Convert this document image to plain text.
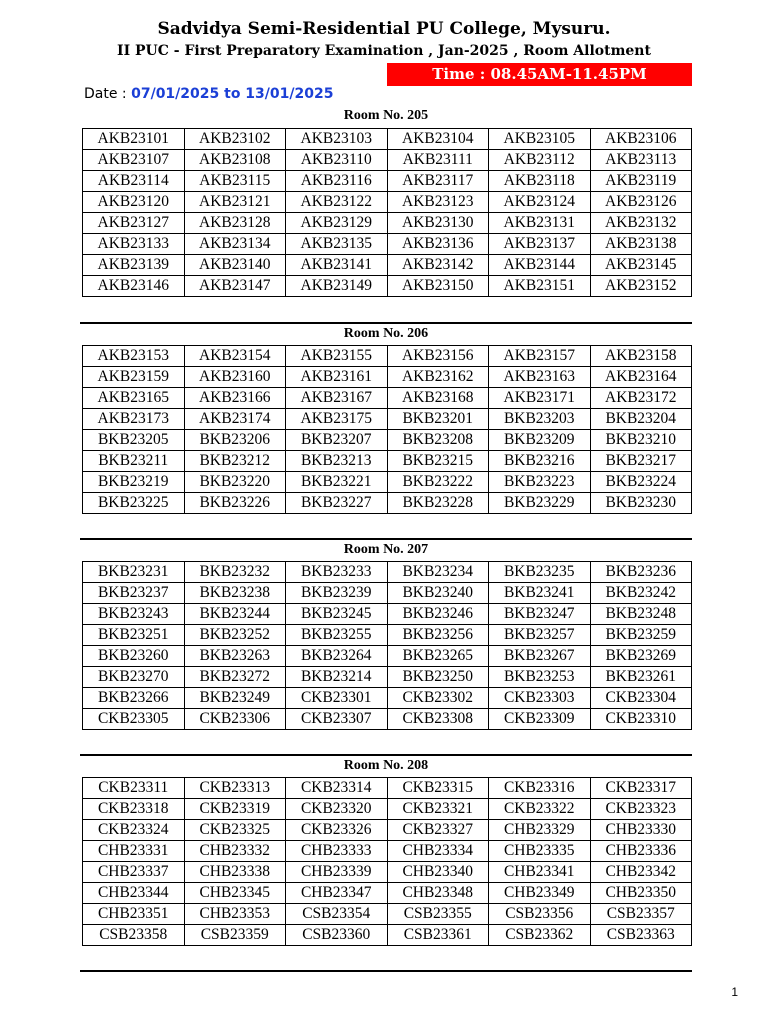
Sadvidya Semi-Residential PU College, Mysuru.
II PUC - First Preparatory Examination , Jan-2025 , Room Allotment
Time : 08.45AM-11.45PM
Date : 07/01/2025 to 13/01/2025
Room No. 205
AKB23101	AKB23102	AKB23103	AKB23104	AKB23105	AKB23106
AKB23107	AKB23108	AKB23110	AKB23111	AKB23112	AKB23113
AKB23114	AKB23115	AKB23116	AKB23117	AKB23118	AKB23119
AKB23120	AKB23121	AKB23122	AKB23123	AKB23124	AKB23126
AKB23127	AKB23128	AKB23129	AKB23130	AKB23131	AKB23132
AKB23133	AKB23134	AKB23135	AKB23136	AKB23137	AKB23138
AKB23139	AKB23140	AKB23141	AKB23142	AKB23144	AKB23145
AKB23146	AKB23147	AKB23149	AKB23150	AKB23151	AKB23152
Room No. 206
AKB23153	AKB23154	AKB23155	AKB23156	AKB23157	AKB23158
AKB23159	AKB23160	AKB23161	AKB23162	AKB23163	AKB23164
AKB23165	AKB23166	AKB23167	AKB23168	AKB23171	AKB23172
AKB23173	AKB23174	AKB23175	BKB23201	BKB23203	BKB23204
BKB23205	BKB23206	BKB23207	BKB23208	BKB23209	BKB23210
BKB23211	BKB23212	BKB23213	BKB23215	BKB23216	BKB23217
BKB23219	BKB23220	BKB23221	BKB23222	BKB23223	BKB23224
BKB23225	BKB23226	BKB23227	BKB23228	BKB23229	BKB23230
Room No. 207
BKB23231	BKB23232	BKB23233	BKB23234	BKB23235	BKB23236
BKB23237	BKB23238	BKB23239	BKB23240	BKB23241	BKB23242
BKB23243	BKB23244	BKB23245	BKB23246	BKB23247	BKB23248
BKB23251	BKB23252	BKB23255	BKB23256	BKB23257	BKB23259
BKB23260	BKB23263	BKB23264	BKB23265	BKB23267	BKB23269
BKB23270	BKB23272	BKB23214	BKB23250	BKB23253	BKB23261
BKB23266	BKB23249	CKB23301	CKB23302	CKB23303	CKB23304
CKB23305	CKB23306	CKB23307	CKB23308	CKB23309	CKB23310
Room No. 208
CKB23311	CKB23313	CKB23314	CKB23315	CKB23316	CKB23317
CKB23318	CKB23319	CKB23320	CKB23321	CKB23322	CKB23323
CKB23324	CKB23325	CKB23326	CKB23327	CHB23329	CHB23330
CHB23331	CHB23332	CHB23333	CHB23334	CHB23335	CHB23336
CHB23337	CHB23338	CHB23339	CHB23340	CHB23341	CHB23342
CHB23344	CHB23345	CHB23347	CHB23348	CHB23349	CHB23350
CHB23351	CHB23353	CSB23354	CSB23355	CSB23356	CSB23357
CSB23358	CSB23359	CSB23360	CSB23361	CSB23362	CSB23363
1
